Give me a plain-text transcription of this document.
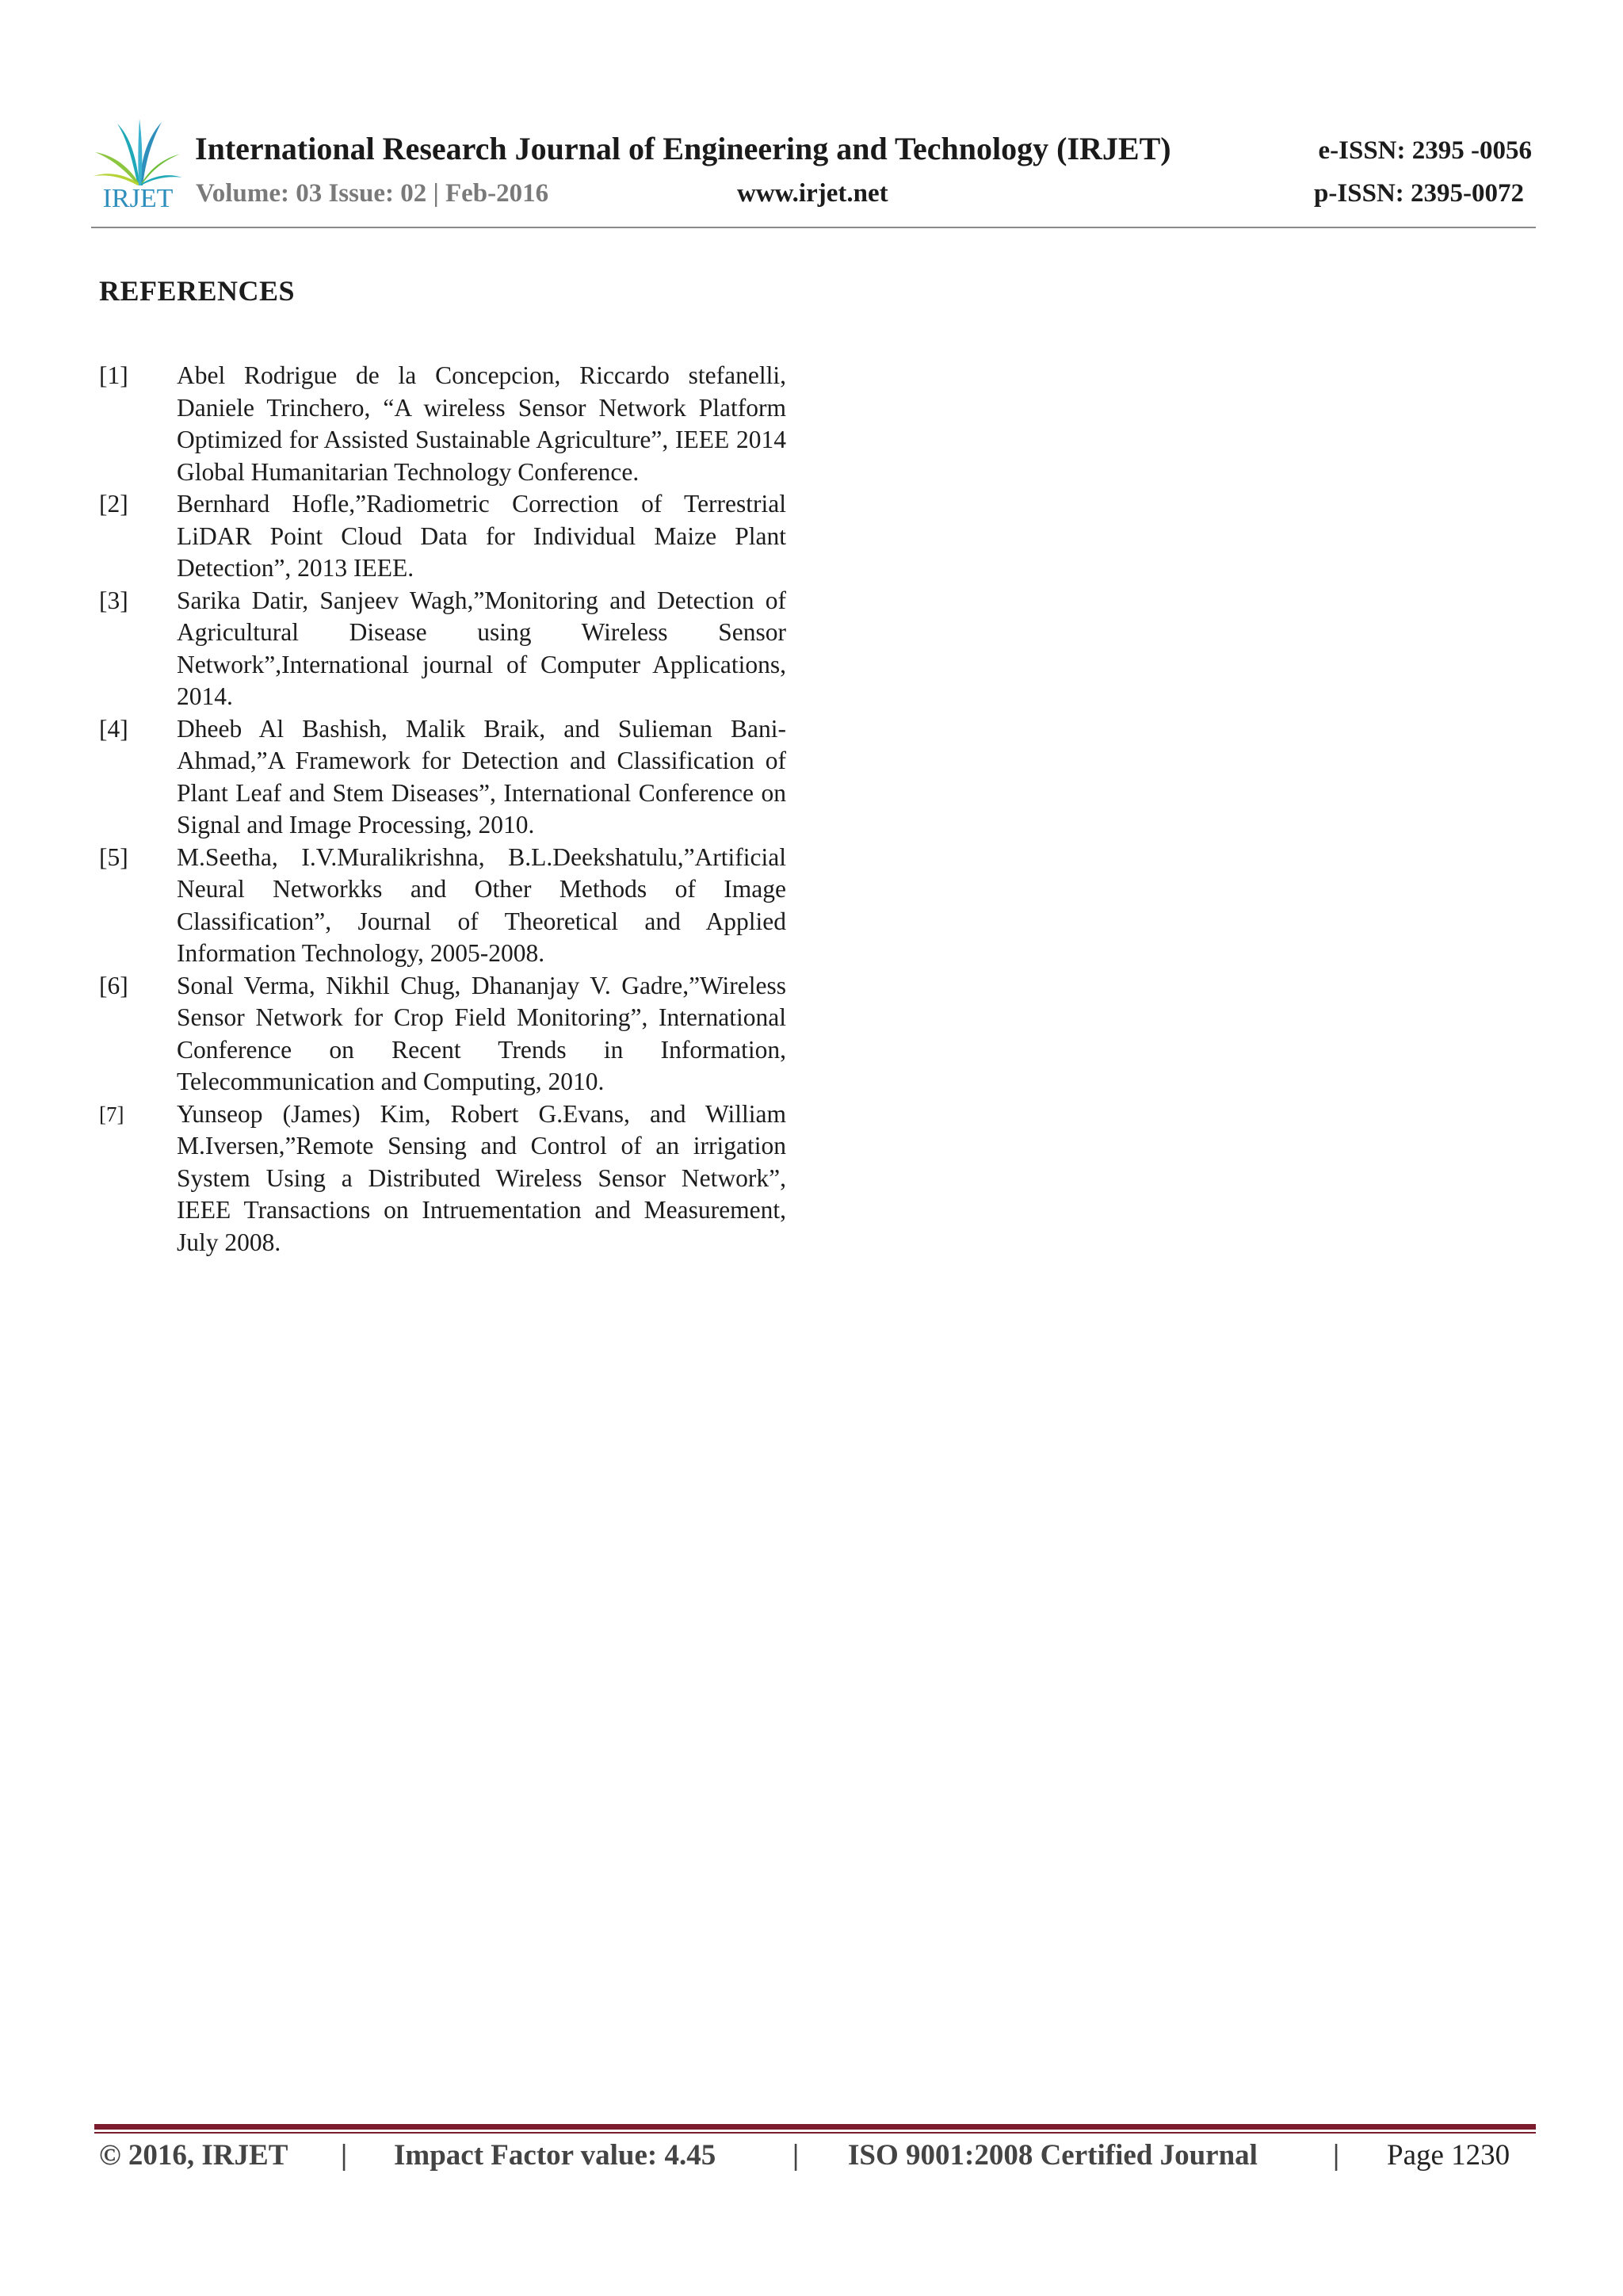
IRJET
International Research Journal of Engineering and Technology (IRJET)	e-ISSN: 2395 -0056
Volume: 03 Issue: 02 | Feb-2016	www.irjet.net	p-ISSN: 2395-0072
REFERENCES
[1]	Abel Rodrigue de la Concepcion, Riccardo stefanelli, Daniele Trinchero, “A wireless Sensor Network Platform Optimized for Assisted Sustainable Agriculture”, IEEE 2014 Global Humanitarian Technology Conference.
[2]	Bernhard Hofle,”Radiometric Correction of Terrestrial LiDAR Point Cloud Data for Individual Maize Plant Detection”, 2013 IEEE.
[3]	Sarika Datir, Sanjeev Wagh,”Monitoring and Detection of Agricultural Disease using Wireless Sensor Network”,International journal of Computer Applications, 2014.
[4]	Dheeb Al Bashish, Malik Braik, and Sulieman Bani-Ahmad,”A Framework for Detection and Classification of Plant Leaf and Stem Diseases”, International Conference on Signal and Image Processing, 2010.
[5]	M.Seetha, I.V.Muralikrishna, B.L.Deekshatulu,”Artificial Neural Networkks and Other Methods of Image Classification”, Journal of Theoretical and Applied Information Technology, 2005-2008.
[6]	Sonal Verma, Nikhil Chug, Dhananjay V. Gadre,”Wireless Sensor Network for Crop Field Monitoring”, International Conference on Recent Trends in Information, Telecommunication and Computing, 2010.
[7]	Yunseop (James) Kim, Robert G.Evans, and William M.Iversen,”Remote Sensing and Control of an irrigation System Using a Distributed Wireless Sensor Network”, IEEE Transactions on Intruementation and Measurement, July 2008.
© 2016, IRJET | Impact Factor value: 4.45	| ISO 9001:2008 Certified Journal	| Page 1230
